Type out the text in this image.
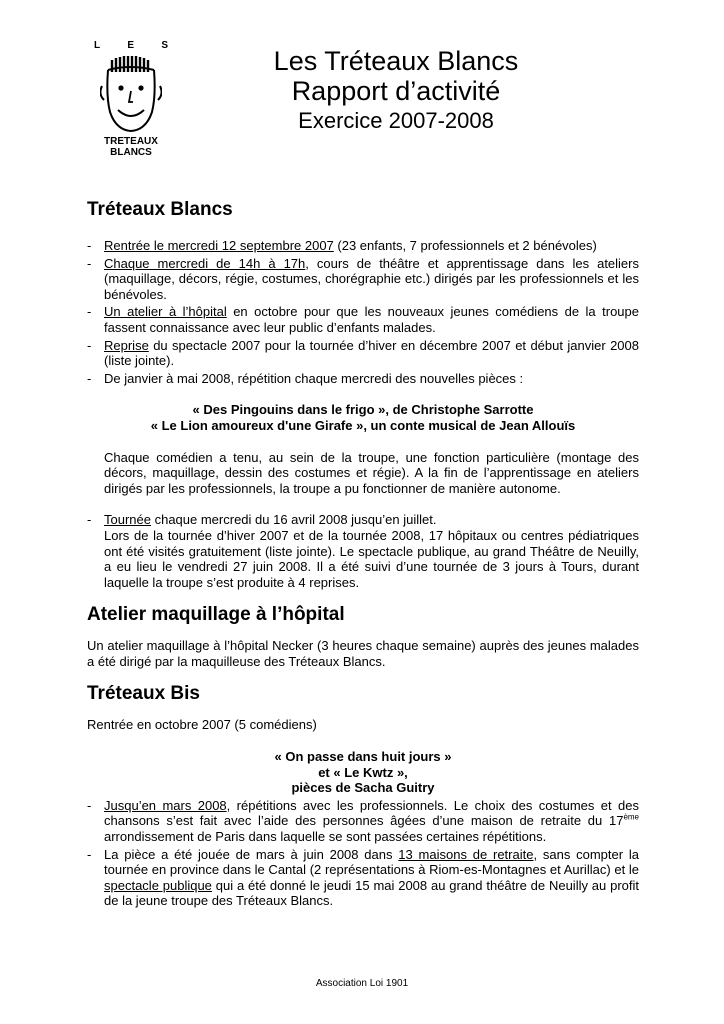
L	E	S
TRETEAUX
BLANCS
Les Tréteaux Blancs
Rapport d’activité
Exercice 2007-2008
Tréteaux Blancs
- Rentrée le mercredi 12 septembre 2007 (23 enfants, 7 professionnels et 2 bénévoles)
- Chaque mercredi de 14h à 17h, cours de théâtre et apprentissage dans les ateliers (maquillage, décors, régie, costumes, chorégraphie etc.) dirigés par les professionnels et les bénévoles.
- Un atelier à l’hôpital en octobre pour que les nouveaux jeunes comédiens de la troupe fassent connaissance avec leur public d’enfants malades.
- Reprise du spectacle 2007 pour la tournée d’hiver en décembre 2007 et début janvier 2008 (liste jointe).
- De janvier à mai 2008, répétition chaque mercredi des nouvelles pièces :
« Des Pingouins dans le frigo », de Christophe Sarrotte
« Le Lion amoureux d'une Girafe », un conte musical de Jean Allouïs

Chaque comédien a tenu, au sein de la troupe, une fonction particulière (montage des décors, maquillage, dessin des costumes et régie). A la fin de l’apprentissage en ateliers dirigés par les professionnels, la troupe a pu fonctionner de manière autonome.

- Tournée chaque mercredi du 16 avril 2008 jusqu’en juillet.
Lors de la tournée d’hiver 2007 et de la tournée 2008, 17 hôpitaux ou centres pédiatriques ont été visités gratuitement (liste jointe). Le spectacle publique, au grand Théâtre de Neuilly, a eu lieu le vendredi 27 juin 2008. Il a été suivi d’une tournée de 3 jours à Tours, durant laquelle la troupe s’est produite à 4 reprises.
Atelier maquillage à l’hôpital

Un atelier maquillage à l’hôpital Necker (3 heures chaque semaine) auprès des jeunes malades a été dirigé par la maquilleuse des Tréteaux Blancs.

Tréteaux Bis

Rentrée en octobre 2007 (5 comédiens)

« On passe dans huit jours »
et « Le Kwtz »,
pièces de Sacha Guitry
- Jusqu’en mars 2008, répétitions avec les professionnels. Le choix des costumes et des chansons s’est fait avec l’aide des personnes âgées d’une maison de retraite du 17ème arrondissement de Paris dans laquelle se sont passées certaines répétitions.
- La pièce a été jouée de mars à juin 2008 dans 13 maisons de retraite, sans compter la tournée en province dans le Cantal (2 représentations à Riom-es-Montagnes et Aurillac) et le spectacle publique qui a été donné le jeudi 15 mai 2008 au grand théâtre de Neuilly au profit de la jeune troupe des Tréteaux Blancs.
Association Loi 1901
